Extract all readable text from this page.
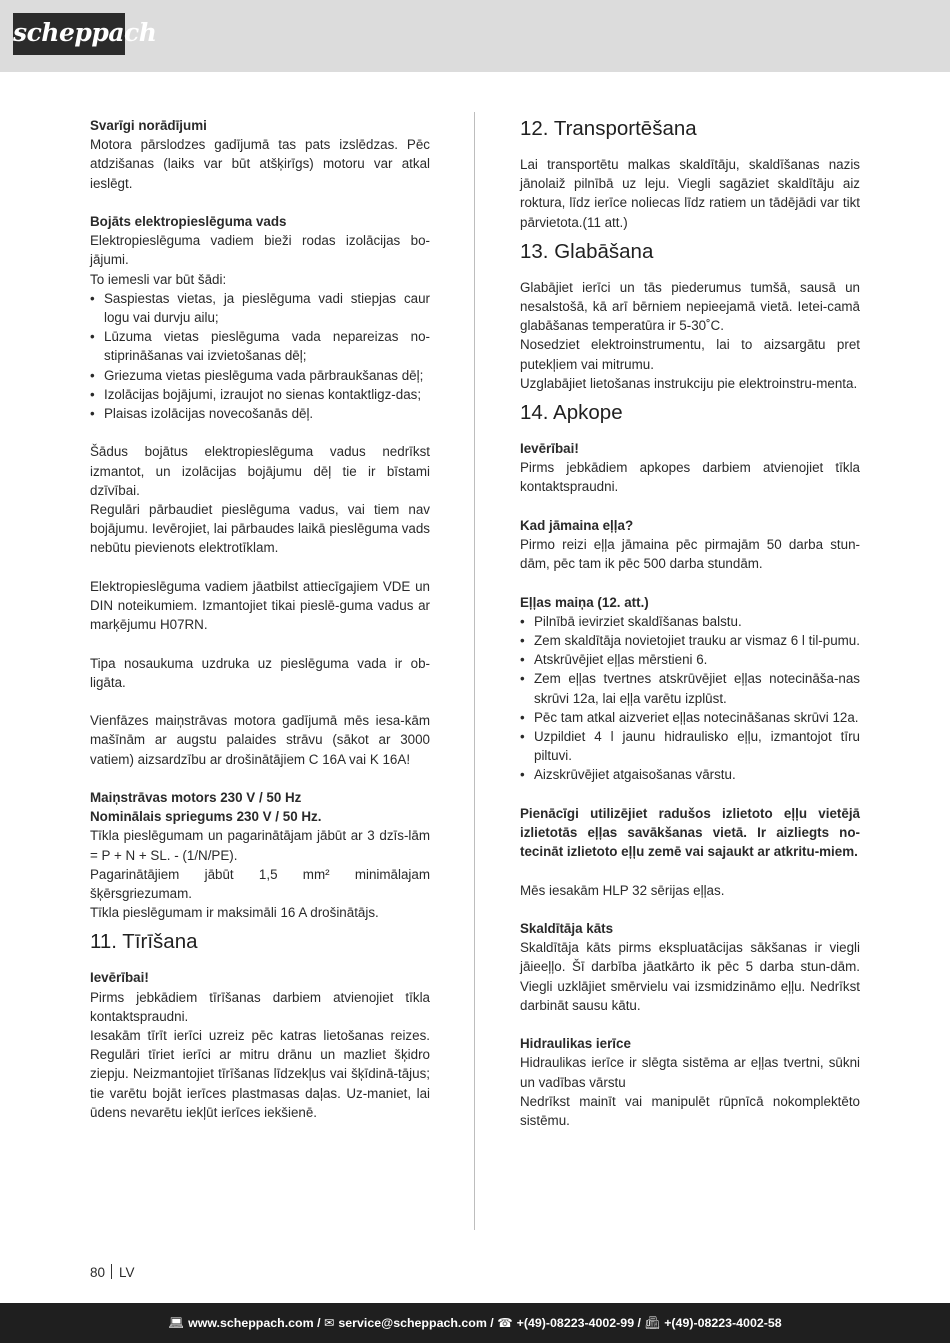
scheppach

Svarīgi norādījumi

Motora pārslodzes gadījumā tas pats izslēdzas. Pēc atdzišanas (laiks var būt atšķirīgs) motoru var atkal ieslēgt.

Bojāts elektropieslēguma vads

Elektropieslēguma vadiem bieži rodas izolācijas bo-jājumi.

To iemesli var būt šādi:

• Saspiestas vietas, ja pieslēguma vadi stiepjas caur logu vai durvju ailu;
• Lūzuma vietas pieslēguma vada nepareizas no-stiprināšanas vai izvietošanas dēļ;
• Griezuma vietas pieslēguma vada pārbraukšanas dēļ;
• Izolācijas bojājumi, izraujot no sienas kontaktligz-das;
• Plaisas izolācijas novecošanās dēļ.

Šādus bojātus elektropieslēguma vadus nedrīkst izmantot, un izolācijas bojājumu dēļ tie ir bīstami dzīvībai.

Regulāri pārbaudiet pieslēguma vadus, vai tiem nav bojājumu. Ievērojiet, lai pārbaudes laikā pieslēguma vads nebūtu pievienots elektrotīklam.

Elektropieslēguma vadiem jāatbilst attiecīgajiem VDE un DIN noteikumiem. Izmantojiet tikai pieslē-guma vadus ar marķējumu H07RN.

Tipa nosaukuma uzdruka uz pieslēguma vada ir ob-ligāta.

Vienfāzes maiņstrāvas motora gadījumā mēs iesa-kām mašīnām ar augstu palaides strāvu (sākot ar 3000 vatiem) aizsardzību ar drošinātājiem C 16A vai K 16A!

Maiņstrāvas motors 230 V / 50 Hz

Nominālais spriegums 230 V / 50 Hz.

Tīkla pieslēgumam un pagarinātājam jābūt ar 3 dzīs-lām = P + N + SL. - (1/N/PE).

Pagarinātājiem jābūt 1,5 mm² minimālajam šķērsgriezumam.

Tīkla pieslēgumam ir maksimāli 16 A drošinātājs.

11. Tīrīšana

Ievērībai!

Pirms jebkādiem tīrīšanas darbiem atvienojiet tīkla kontaktspraudni.

Iesakām tīrīt ierīci uzreiz pēc katras lietošanas reizes. Regulāri tīriet ierīci ar mitru drānu un mazliet šķidro ziepju. Neizmantojiet tīrīšanas līdzekļus vai šķīdinā-tājus; tie varētu bojāt ierīces plastmasas daļas. Uz-maniet, lai ūdens nevarētu iekļūt ierīces iekšienē.

12. Transportēšana

Lai transportētu malkas skaldītāju, skaldīšanas nazis jānolaiž pilnībā uz leju. Viegli sagāziet skaldītāju aiz roktura, līdz ierīce noliecas līdz ratiem un tādējādi var tikt pārvietota.(11 att.)

13. Glabāšana

Glabājiet ierīci un tās piederumus tumšā, sausā un nesalstošā, kā arī bērniem nepieejamā vietā. Ietei-camā glabāšanas temperatūra ir 5-30˚C.

Nosedziet elektroinstrumentu, lai to aizsargātu pret putekļiem vai mitrumu.

Uzglabājiet lietošanas instrukciju pie elektroinstru-menta.

14. Apkope

Ievērībai!

Pirms jebkādiem apkopes darbiem atvienojiet tīkla kontaktspraudni.

Kad jāmaina eļļa?

Pirmo reizi eļļa jāmaina pēc pirmajām 50 darba stun-dām, pēc tam ik pēc 500 darba stundām.

Eļļas maiņa (12. att.)

• Pilnībā ievirziet skaldīšanas balstu.
• Zem skaldītāja novietojiet trauku ar vismaz 6 l til-pumu.
• Atskrūvējiet eļļas mērstieni 6.
• Zem eļļas tvertnes atskrūvējiet eļļas notecināša-nas skrūvi 12a, lai eļļa varētu izplūst.
• Pēc tam atkal aizveriet eļļas notecināšanas skrūvi 12a.
• Uzpildiet 4 l jaunu hidraulisko eļļu, izmantojot tīru piltuvi.
• Aizskrūvējiet atgaisošanas vārstu.

Pienācīgi utilizējiet radušos izlietoto eļļu vietējā izlietotās eļļas savākšanas vietā. Ir aizliegts no-tecināt izlietoto eļļu zemē vai sajaukt ar atkritu-miem.

Mēs iesakām HLP 32 sērijas eļļas.

Skaldītāja kāts

Skaldītāja kāts pirms ekspluatācijas sākšanas ir viegli jāieeļļo. Šī darbība jāatkārto ik pēc 5 darba stun-dām. Viegli uzklājiet smērvielu vai izsmidzināmo eļļu. Nedrīkst darbināt sausu kātu.

Hidraulikas ierīce

Hidraulikas ierīce ir slēgta sistēma ar eļļas tvertni, sūkni un vadības vārstu

Nedrīkst mainīt vai manipulēt rūpnīcā nokomplektēto sistēmu.

80 LV
💻︎ www.scheppach.com / ✉︎ service@scheppach.com / ☎︎ +(49)-08223-4002-99 / 📠︎ +(49)-08223-4002-58
